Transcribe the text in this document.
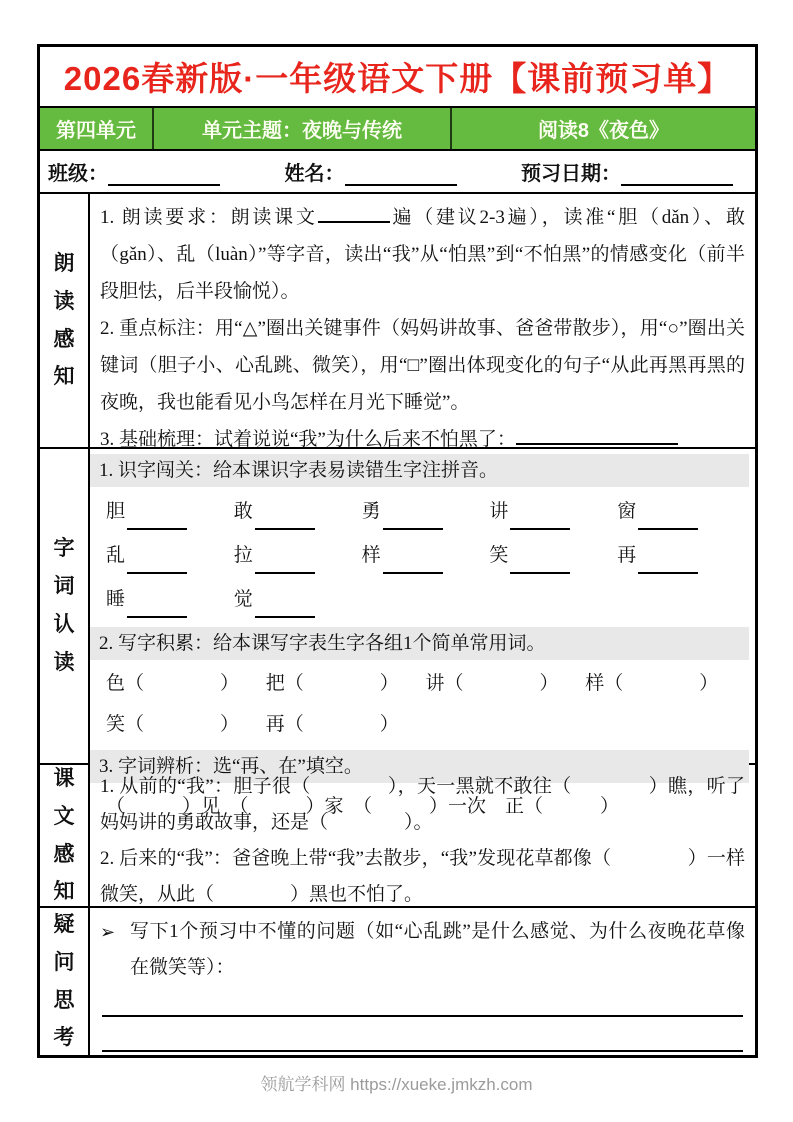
2026春新版·一年级语文下册【课前预习单】
第四单元	单元主题：夜晚与传统	阅读8《夜色》
班级：	姓名：	预习日期：
朗读感知

1. 朗读要求：朗读课文	遍（建议2-3遍），读准“胆（dǎn）、敢（gǎn）、乱（luàn）”等字音，读出“我”从“怕黑”到“不怕黑”的情感变化（前半段胆怯，后半段愉悦）。

2. 重点标注：用“△”圈出关键事件（妈妈讲故事、爸爸带散步），用“○”圈出关键词（胆子小、心乱跳、微笑），用“□”圈出体现变化的句子“从此再黑再黑的夜晚，我也能看见小鸟怎样在月光下睡觉”。

3. 基础梳理：试着说说“我”为什么后来不怕黑了：

字词认读
1. 识字闯关：给本课识字表易读错生字注拼音。
胆	敢	勇	讲	窗
乱	拉	样	笑	再
睡	觉
2. 写字积累：给本课写字表生字各组1个简单常用词。
色（　　　　）	把（　　　　）	讲（　　　　）	样（　　　　）
笑（　　　　）	再（　　　　）
3. 字词辨析：选“再、在”填空。
（　　　）见　（　　　）家　（　　　）一次　正（　　　）
课文感知

1. 从前的“我”：胆子很（　　　　），天一黑就不敢往（　　　　）瞧，听了妈妈讲的勇敢故事，还是（　　　　）。

2. 后来的“我”：爸爸晚上带“我”去散步，“我”发现花草都像（　　　　）一样微笑，从此（　　　　）黑也不怕了。

疑问思考
➢ 写下1个预习中不懂的问题（如“心乱跳”是什么感觉、为什么夜晚花草像在微笑等）：

领航学科网 https://xueke.jmkzh.com
